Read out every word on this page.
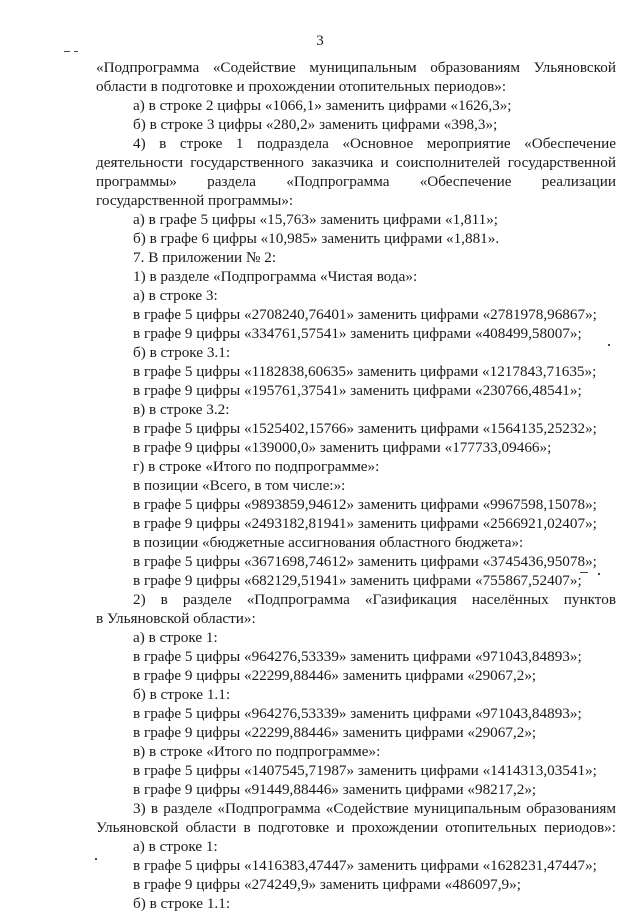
3
«Подпрограмма «Содействие муниципальным образованиям Ульяновской
области в подготовке и прохождении отопительных периодов»:
а) в строке 2 цифры «1066,1» заменить цифрами «1626,3»;
б) в строке 3 цифры «280,2» заменить цифрами «398,3»;
4) в строке 1 подраздела «Основное мероприятие «Обеспечение
деятельности государственного заказчика и соисполнителей государственной
программы» раздела «Подпрограмма «Обеспечение реализации
государственной программы»:
а) в графе 5 цифры «15,763» заменить цифрами «1,811»;
б) в графе 6 цифры «10,985» заменить цифрами «1,881».
7. В приложении № 2:
1) в разделе «Подпрограмма «Чистая вода»:
а) в строке 3:
в графе 5 цифры «2708240,76401» заменить цифрами «2781978,96867»;
в графе 9 цифры «334761,57541» заменить цифрами «408499,58007»;
б) в строке 3.1:
в графе 5 цифры «1182838,60635» заменить цифрами «1217843,71635»;
в графе 9 цифры «195761,37541» заменить цифрами «230766,48541»;
в) в строке 3.2:
в графе 5 цифры «1525402,15766» заменить цифрами «1564135,25232»;
в графе 9 цифры «139000,0» заменить цифрами «177733,09466»;
г) в строке «Итого по подпрограмме»:
в позиции «Всего, в том числе:»:
в графе 5 цифры «9893859,94612» заменить цифрами «9967598,15078»;
в графе 9 цифры «2493182,81941» заменить цифрами «2566921,02407»;
в позиции «бюджетные ассигнования областного бюджета»:
в графе 5 цифры «3671698,74612» заменить цифрами «3745436,95078»;
в графе 9 цифры «682129,51941» заменить цифрами «755867,52407»;
2) в разделе «Подпрограмма «Газификация населённых пунктов
в Ульяновской области»:
а) в строке 1:
в графе 5 цифры «964276,53339» заменить цифрами «971043,84893»;
в графе 9 цифры «22299,88446» заменить цифрами «29067,2»;
б) в строке 1.1:
в графе 5 цифры «964276,53339» заменить цифрами «971043,84893»;
в графе 9 цифры «22299,88446» заменить цифрами «29067,2»;
в) в строке «Итого по подпрограмме»:
в графе 5 цифры «1407545,71987» заменить цифрами «1414313,03541»;
в графе 9 цифры «91449,88446» заменить цифрами «98217,2»;
3) в разделе «Подпрограмма «Содействие муниципальным образованиям
Ульяновской области в подготовке и прохождении отопительных периодов»:
а) в строке 1:
в графе 5 цифры «1416383,47447» заменить цифрами «1628231,47447»;
в графе 9 цифры «274249,9» заменить цифрами «486097,9»;
б) в строке 1.1:
